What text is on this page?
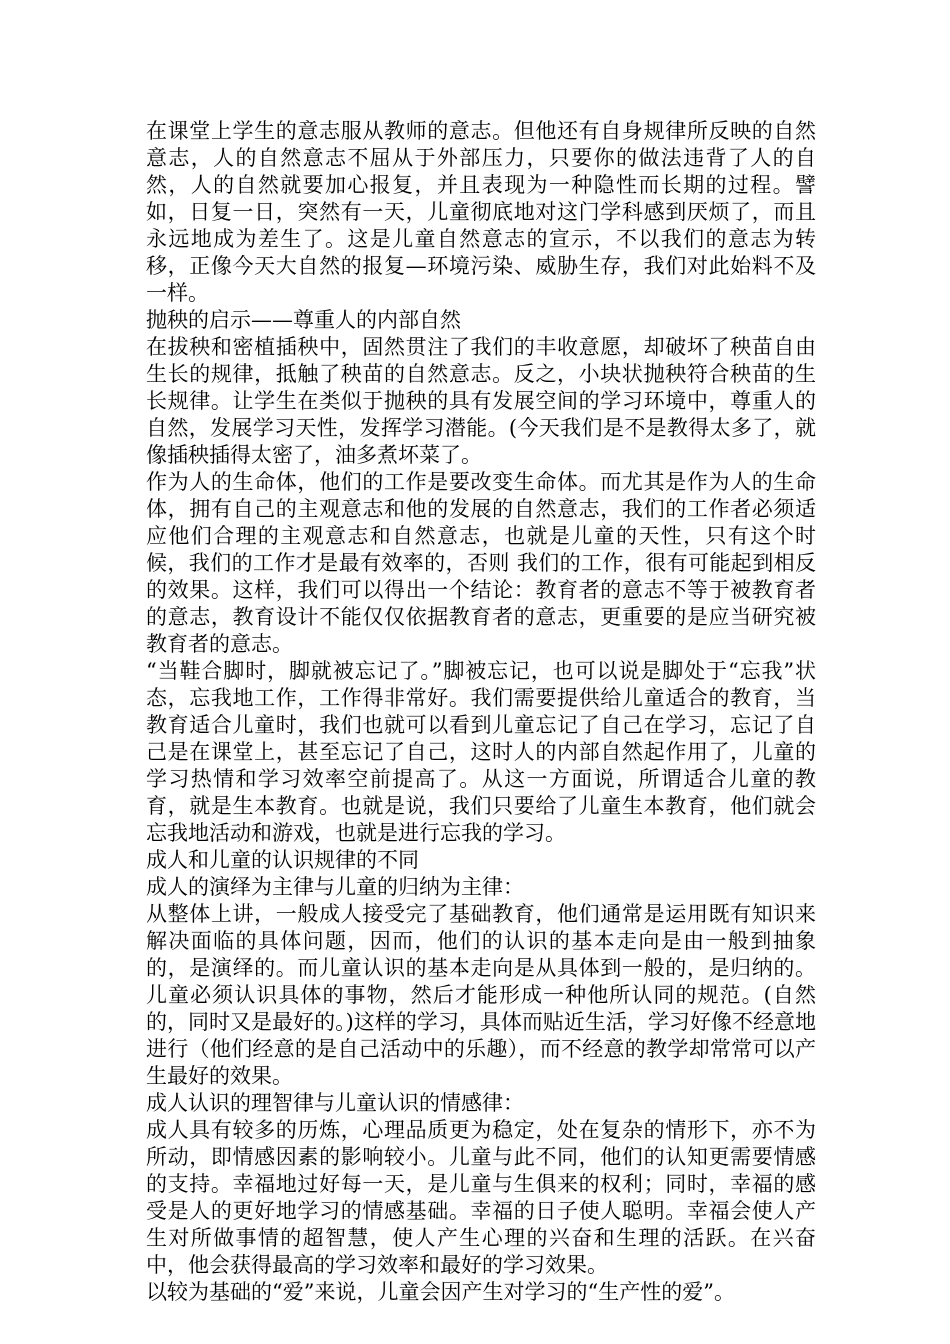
在课堂上学生的意志服从教师的意志。但他还有自身规律所反映的自然意志，人的自然意志不屈从于外部压力，只要你的做法违背了人的自然，人的自然就要加心报复，并且表现为一种隐性而长期的过程。譬如，日复一日，突然有一天，儿童彻底地对这门学科感到厌烦了，而且永远地成为差生了。这是儿童自然意志的宣示，不以我们的意志为转移，正像今天大自然的报复—环境污染、威胁生存，我们对此始料不及一样。

抛秧的启示——尊重人的内部自然

在拔秧和密植插秧中，固然贯注了我们的丰收意愿，却破坏了秧苗自由生长的规律，抵触了秧苗的自然意志。反之，小块状抛秧符合秧苗的生长规律。让学生在类似于抛秧的具有发展空间的学习环境中，尊重人的自然，发展学习天性，发挥学习潜能。(今天我们是不是教得太多了，就像插秧插得太密了，油多煮坏菜了。

作为人的生命体，他们的工作是要改变生命体。而尤其是作为人的生命体，拥有自己的主观意志和他的发展的自然意志，我们的工作者必须适应他们合理的主观意志和自然意志，也就是儿童的天性，只有这个时候，我们的工作才是最有效率的，否则 我们的工作，很有可能起到相反的效果。这样，我们可以得出一个结论：教育者的意志不等于被教育者的意志，教育设计不能仅仅依据教育者的意志，更重要的是应当研究被教育者的意志。

“当鞋合脚时，脚就被忘记了。”脚被忘记，也可以说是脚处于“忘我”状态，忘我地工作，工作得非常好。我们需要提供给儿童适合的教育，当教育适合儿童时，我们也就可以看到儿童忘记了自己在学习，忘记了自己是在课堂上，甚至忘记了自己，这时人的内部自然起作用了，儿童的学习热情和学习效率空前提高了。从这一方面说，所谓适合儿童的教育，就是生本教育。也就是说，我们只要给了儿童生本教育，他们就会忘我地活动和游戏，也就是进行忘我的学习。

成人和儿童的认识规律的不同

成人的演绎为主律与儿童的归纳为主律：

从整体上讲，一般成人接受完了基础教育，他们通常是运用既有知识来解决面临的具体问题，因而，他们的认识的基本走向是由一般到抽象的，是演绎的。而儿童认识的基本走向是从具体到一般的，是归纳的。儿童必须认识具体的事物，然后才能形成一种他所认同的规范。(自然的，同时又是最好的。)这样的学习，具体而贴近生活，学习好像不经意地进行（他们经意的是自己活动中的乐趣），而不经意的教学却常常可以产生最好的效果。

成人认识的理智律与儿童认识的情感律：

成人具有较多的历炼，心理品质更为稳定，处在复杂的情形下，亦不为所动，即情感因素的影响较小。儿童与此不同，他们的认知更需要情感的支持。幸福地过好每一天，是儿童与生俱来的权利；同时，幸福的感受是人的更好地学习的情感基础。幸福的日子使人聪明。幸福会使人产生对所做事情的超智慧，使人产生心理的兴奋和生理的活跃。在兴奋中，他会获得最高的学习效率和最好的学习效果。

以较为基础的“爱”来说，儿童会因产生对学习的“生产性的爱”。
